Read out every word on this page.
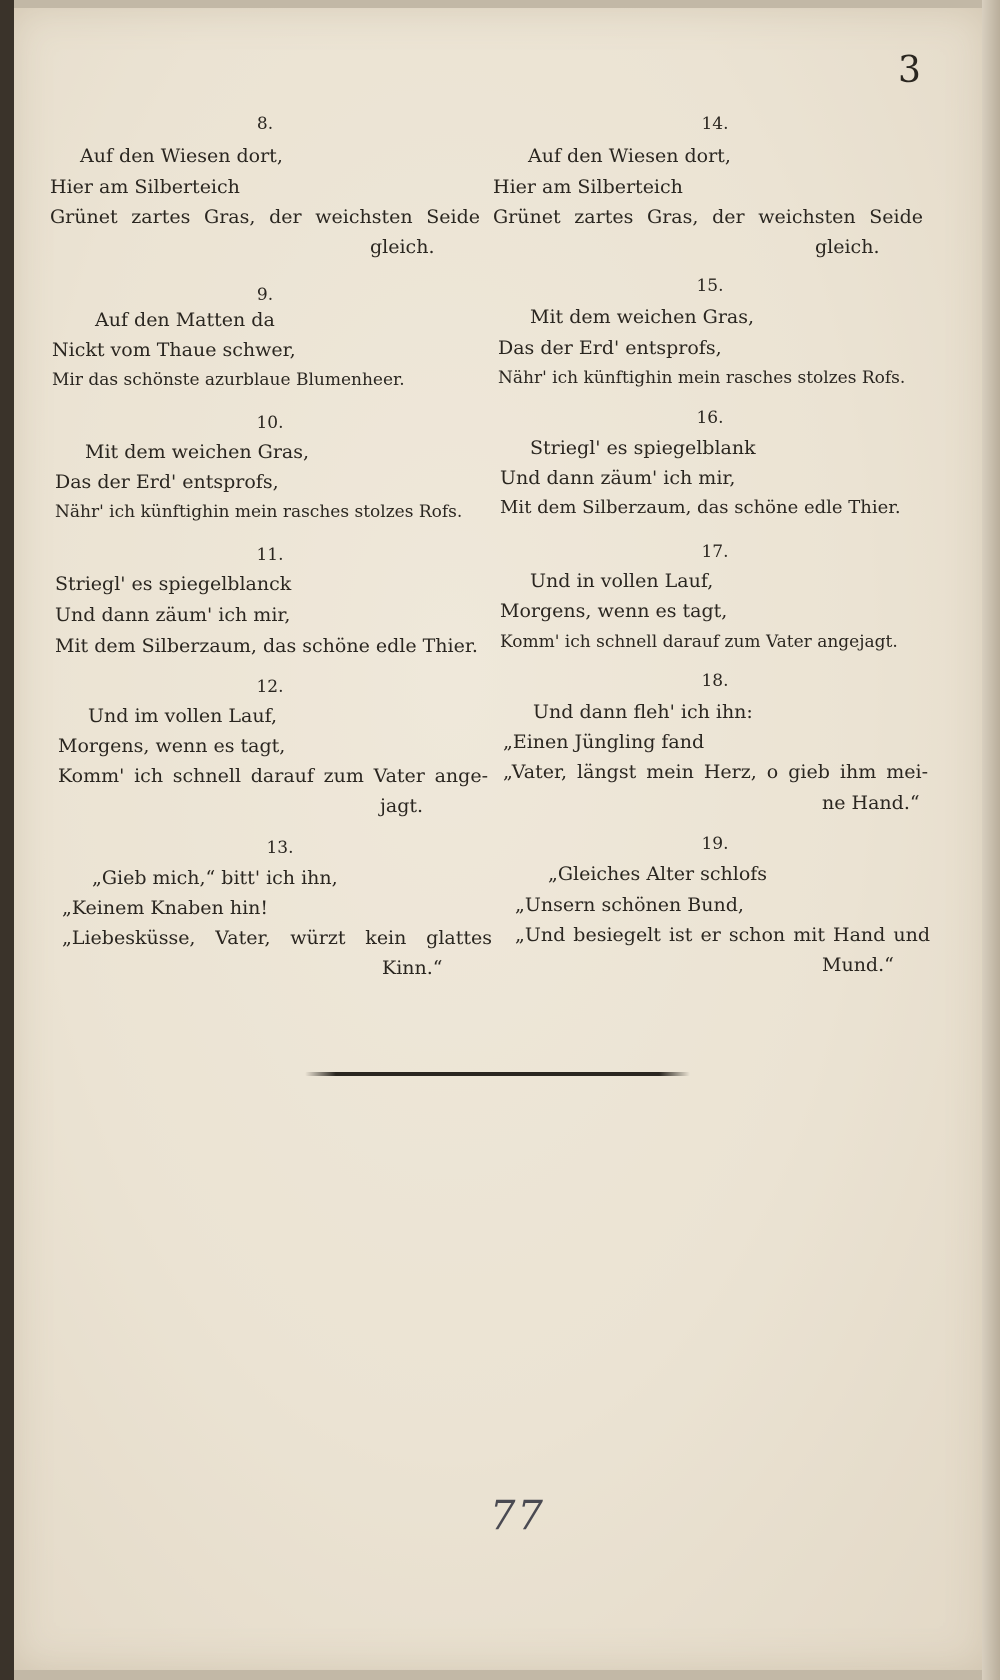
3
8.
Auf den Wiesen dort,
Hier am Silberteich
Grünet zartes Gras, der weichsten Seide
gleich.
9.
Auf den Matten da
Nickt vom Thaue schwer,
Mir das schönste azurblaue Blumenheer.
10.
Mit dem weichen Gras,
Das der Erd' entsprofs,
Nähr' ich künftighin mein rasches stolzes Rofs.
11.
Striegl' es spiegelblanck
Und dann zäum' ich mir,
Mit dem Silberzaum, das schöne edle Thier.
12.
Und im vollen Lauf,
Morgens, wenn es tagt,
Komm' ich schnell darauf zum Vater ange-
jagt.
13.
„Gieb mich,“ bitt' ich ihn,
„Keinem Knaben hin!
„Liebesküsse, Vater, würzt kein glattes
Kinn.“
14.
Auf den Wiesen dort,
Hier am Silberteich
Grünet zartes Gras, der weichsten Seide
gleich.
15.
Mit dem weichen Gras,
Das der Erd' entsprofs,
Nähr' ich künftighin mein rasches stolzes Rofs.
16.
Striegl' es spiegelblank
Und dann zäum' ich mir,
Mit dem Silberzaum, das schöne edle Thier.
17.
Und in vollen Lauf,
Morgens, wenn es tagt,
Komm' ich schnell darauf zum Vater angejagt.
18.
Und dann fleh' ich ihn:
„Einen Jüngling fand
„Vater, längst mein Herz, o gieb ihm mei-
ne Hand.“
19.
„Gleiches Alter schlofs
„Unsern schönen Bund,
„Und besiegelt ist er schon mit Hand und
Mund.“
77
